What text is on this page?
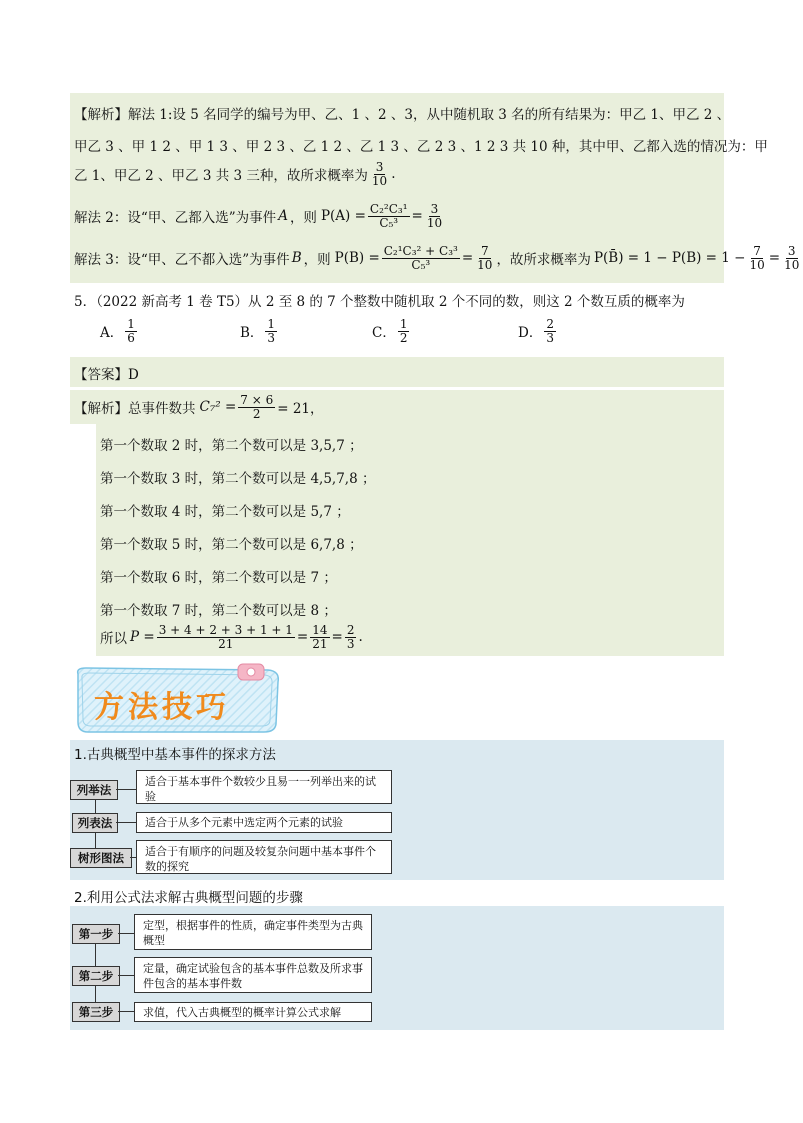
【解析】解法 1:设 5 名同学的编号为甲、乙、1 、2 、3，从中随机取 3 名的所有结果为：甲乙 1、甲乙 2 、
甲乙 3 、甲 1 2 、甲 1 3 、甲 2 3 、乙 1 2 、乙 1 3 、乙 2 3 、1 2 3 共 10 种，其中甲、乙都入选的情况为：甲
乙 1、甲乙 2 、甲乙 3 共 3 三种，故所求概率为 $\frac{3}{10}$ .
解法 2：设“甲、乙都入选”为事件 A ，则 $P(A) = \frac{\text{C₂²C₃¹}}{\text{C₅³}} = \frac{3}{10}$
解法 3：设“甲、乙不都入选”为事件 B ，则 $P(B) = \frac{\text{C₂¹C₃² + C₃³}}{\text{C₅³}} = \frac{7}{10}$ ，故所求概率为 P(B̄) = $1 - P(B) = 1 - \frac{7}{10} = \frac{3}{10}$
5．（2022 新高考 1 卷 T5）从 2 至 8 的 7 个整数中随机取 2 个不同的数，则这 2 个数互质的概率为
A． $\frac{1}{6}$	B． $\frac{1}{3}$	C． $\frac{1}{2}$	D． $\frac{2}{3}$
【答案】D
【解析】 总事件数共 $C_7^2 = \frac{7 \times 6}{2} = 21$，
第一个数取 2 时，第二个数可以是 3,5,7 ；
第一个数取 3 时，第二个数可以是 4,5,7,8 ；
第一个数取 4 时，第二个数可以是 5,7 ；
第一个数取 5 时，第二个数可以是 6,7,8 ；
第一个数取 6 时，第二个数可以是 7 ；
第一个数取 7 时，第二个数可以是 8 ；
所以 $P = \frac{3 + 4 + 2 + 3 + 1 + 1}{21} = \frac{14}{21} = \frac{2}{3}$ .
方法技巧
1.古典概型中基本事件的探求方法
列举法
适合于基本事件个数较少且易一一列举出来的试验
列表法	适合于从多个元素中选定两个元素的试验
树形图法	适合于有顺序的问题及较复杂问题中基本事件个数的探究
2.利用公式法求解古典概型问题的步骤
第一步
定型，根据事件的性质，确定事件类型为古典概型
第二步
定量，确定试验包含的基本事件总数及所求事件包含的基本事件数
第三步	求值，代入古典概型的概率计算公式求解
